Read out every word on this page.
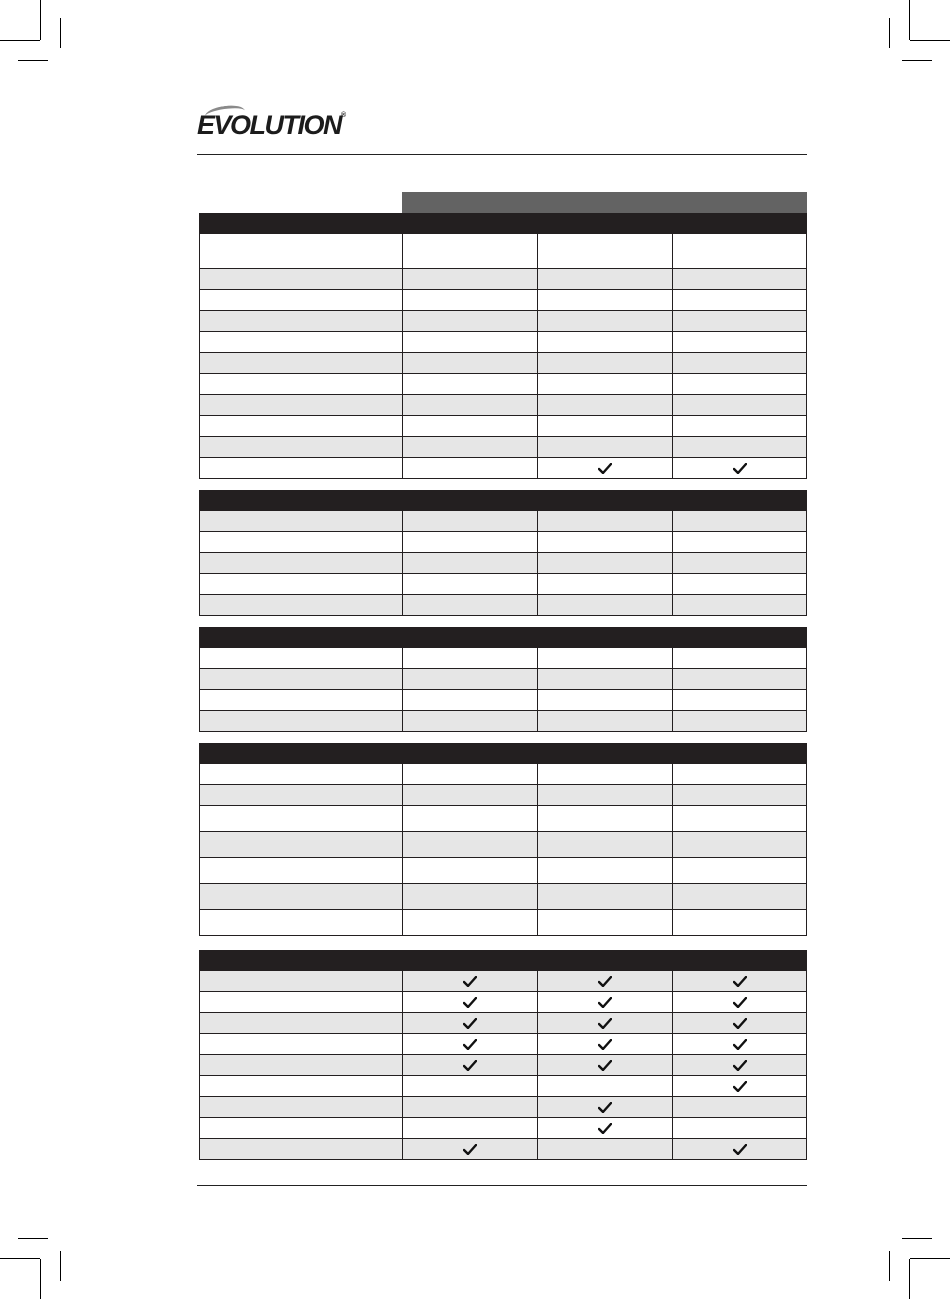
EVOLUTION®
